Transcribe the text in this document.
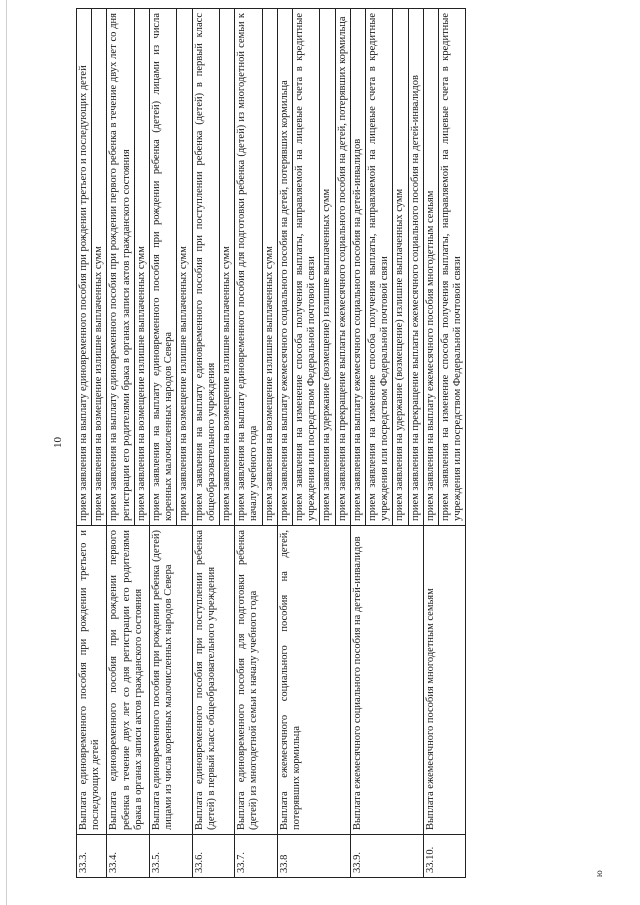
10
ю
33.3.	Выплата единовременного пособия при рождении третьего и последующих детей	прием заявления на выплату единовременного пособия при рождении третьего и последующих детей
		прием заявления на возмещение излишне выплаченных сумм
33.4.	Выплата единовременного пособия при рождении первого ребенка в течение двух лет со дня регистрации его родителями брака в органах записи актов гражданского состояния	прием заявления на выплату единовременного пособия при рождении первого ребенка в течение двух лет со дня регистрации его родителями брака в органах записи актов гражданского состояния
		прием заявления на возмещение излишне выплаченных сумм
33.5.	Выплата единовременного пособия при рождении ребенка (детей) лицами из числа коренных малочисленных народов Севера	прием заявления на выплату единовременного пособия при рождении ребенка (детей) лицами из числа коренных малочисленных народов Севера
		прием заявления на возмещение излишне выплаченных сумм
33.6.	Выплата единовременного пособия при поступлении ребенка (детей) в первый класс общеобразовательного учреждения	прием заявления на выплату единовременного пособия при поступлении ребенка (детей) в первый класс общеобразовательного учреждения
		прием заявления на возмещение излишне выплаченных сумм
33.7.	Выплата единовременного пособия для подготовки ребенка (детей) из многодетной семьи к началу учебного года	прием заявления на выплату единовременного пособия для подготовки ребенка (детей) из многодетной семьи к началу учебного года
		прием заявления на возмещение излишне выплаченных сумм
33.8	Выплата ежемесячного социального пособия на детей, потерявших кормильца	прием заявления на выплату ежемесячного социального пособия на детей, потерявших кормильца
		прием заявления на изменение способа получения выплаты, направляемой на лицевые счета в кредитные учреждения или посредством Федеральной почтовой связи
		прием заявления на удержание (возмещение) излишне выплаченных сумм
		прием заявления на прекращение выплаты ежемесячного социального пособия на детей, потерявших кормильца
33.9.	Выплата ежемесячного социального пособия на детей-инвалидов	прием заявления на выплату ежемесячного социального пособия на детей-инвалидов
		прием заявления на изменение способа получения выплаты, направляемой на лицевые счета в кредитные учреждения или посредством Федеральной почтовой связи
		прием заявления на удержание (возмещение) излишне выплаченных сумм
		прием заявления на прекращение выплаты ежемесячного социального пособия на детей-инвалидов
33.10.	Выплата ежемесячного пособия многодетным семьям	прием заявления на выплату ежемесячного пособия многодетным семьям
		прием заявления на изменение способа получения выплаты, направляемой на лицевые счета в кредитные учреждения или посредством Федеральной почтовой связи
